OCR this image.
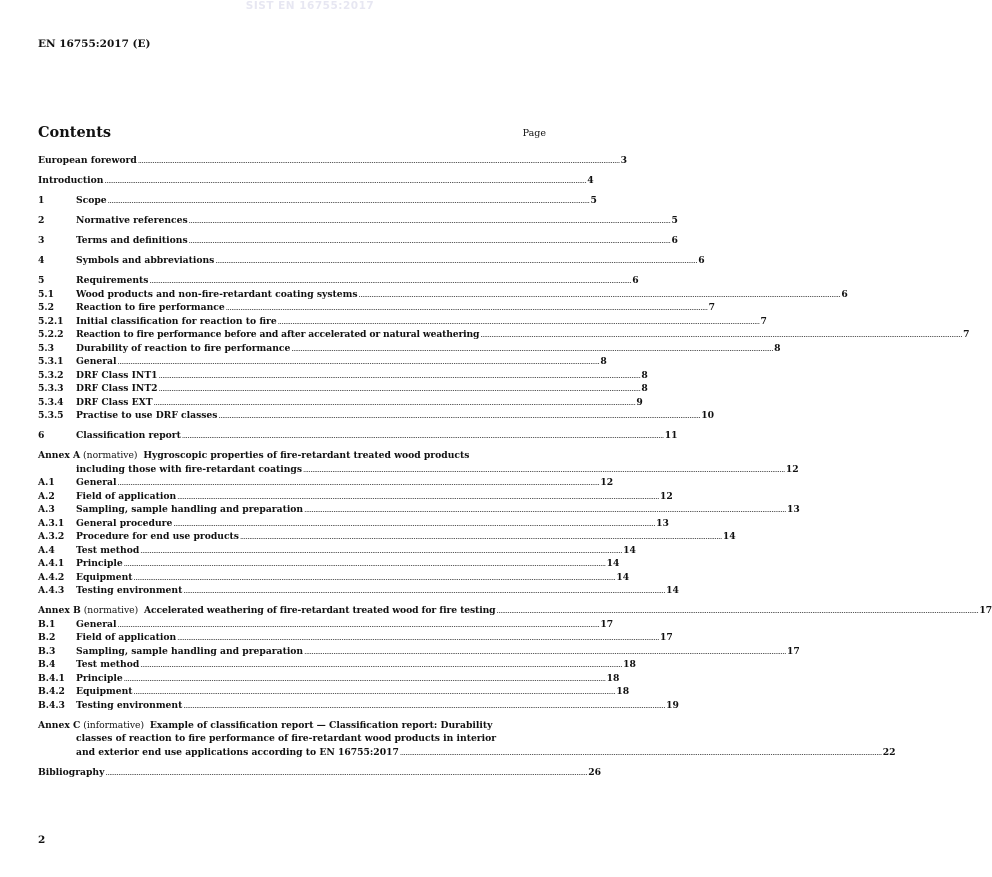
SIST EN 16755:2017
EN 16755:2017 (E)
Contents	Page
European foreword ........................................................................................................................................................................................................................................................................ 3
Introduction ........................................................................................................................................................................................................................................................................ 4
1	Scope ........................................................................................................................................................................................................................................................................ 5
2	Normative references ........................................................................................................................................................................................................................................................................ 5
3	Terms and definitions ........................................................................................................................................................................................................................................................................ 6
4	Symbols and abbreviations ........................................................................................................................................................................................................................................................................ 6
5	Requirements ........................................................................................................................................................................................................................................................................ 6
5.1	Wood products and non-fire-retardant coating systems ........................................................................................................................................................................................................................................................................ 6
5.2	Reaction to fire performance ........................................................................................................................................................................................................................................................................ 7
5.2.1	Initial classification for reaction to fire ........................................................................................................................................................................................................................................................................ 7
5.2.2	Reaction to fire performance before and after accelerated or natural weathering ........................................................................................................................................................................................................................................................................ 7
5.3	Durability of reaction to fire performance ........................................................................................................................................................................................................................................................................ 8
5.3.1	General ........................................................................................................................................................................................................................................................................ 8
5.3.2	DRF Class INT1 ........................................................................................................................................................................................................................................................................ 8
5.3.3	DRF Class INT2 ........................................................................................................................................................................................................................................................................ 8
5.3.4	DRF Class EXT ........................................................................................................................................................................................................................................................................ 9
5.3.5	Practise to use DRF classes ........................................................................................................................................................................................................................................................................ 10
6	Classification report ........................................................................................................................................................................................................................................................................ 11
Annex A (normative) Hygroscopic properties of fire-retardant treated wood products
including those with fire-retardant coatings ........................................................................................................................................................................................................................................................................ 12
A.1	General ........................................................................................................................................................................................................................................................................ 12
A.2	Field of application ........................................................................................................................................................................................................................................................................ 12
A.3	Sampling, sample handling and preparation ........................................................................................................................................................................................................................................................................ 13
A.3.1	General procedure ........................................................................................................................................................................................................................................................................ 13
A.3.2	Procedure for end use products ........................................................................................................................................................................................................................................................................ 14
A.4	Test method ........................................................................................................................................................................................................................................................................ 14
A.4.1	Principle ........................................................................................................................................................................................................................................................................ 14
A.4.2	Equipment ........................................................................................................................................................................................................................................................................ 14
A.4.3	Testing environment ........................................................................................................................................................................................................................................................................ 14
Annex B (normative) Accelerated weathering of fire-retardant treated wood for fire testing ........................................................................................................................................................................................................................................................................ 17
B.1	General ........................................................................................................................................................................................................................................................................ 17
B.2	Field of application ........................................................................................................................................................................................................................................................................ 17
B.3	Sampling, sample handling and preparation ........................................................................................................................................................................................................................................................................ 17
B.4	Test method ........................................................................................................................................................................................................................................................................ 18
B.4.1	Principle ........................................................................................................................................................................................................................................................................ 18
B.4.2	Equipment ........................................................................................................................................................................................................................................................................ 18
B.4.3	Testing environment ........................................................................................................................................................................................................................................................................ 19
Annex C (informative) Example of classification report — Classification report: Durability
classes of reaction to fire performance of fire-retardant wood products in interior
and exterior end use applications according to EN 16755:2017 ........................................................................................................................................................................................................................................................................ 22
Bibliography ........................................................................................................................................................................................................................................................................ 26
2
